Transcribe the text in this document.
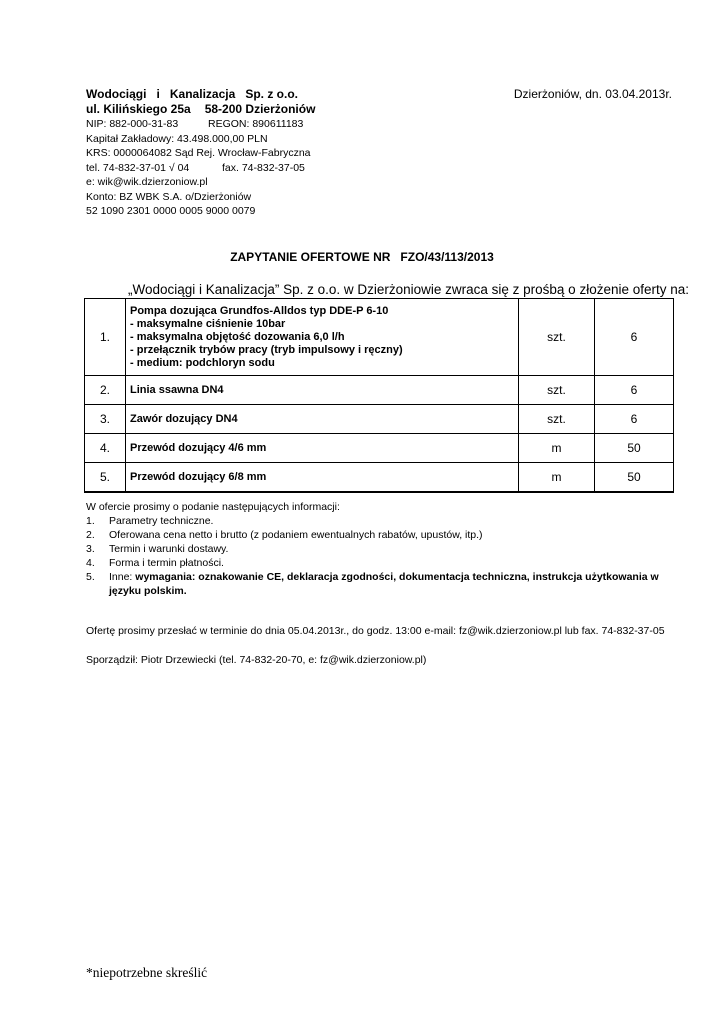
Wodociągi i Kanalizacja Sp. z o.o.
ul. Kilińskiego 25a 58-200 Dzierżoniów
NIP: 882-000-31-83	REGON: 890611183
Kapitał Zakładowy: 43.498.000,00 PLN
KRS: 0000064082 Sąd Rej. Wrocław-Fabryczna
tel. 74-832-37-01 √ 04	fax. 74-832-37-05
e: wik@wik.dzierzoniow.pl
Konto: BZ WBK S.A. o/Dzierżoniów
52 1090 2301 0000 0005 9000 0079
Dzierżoniów, dn. 03.04.2013r.
ZAPYTANIE OFERTOWE NR   FZO/43/113/2013
„Wodociągi i Kanalizacja” Sp. z o.o. w Dzierżoniowie zwraca się z prośbą o złożenie oferty na:
1.	Pompa dozująca Grundfos-Alldos typ DDE-P 6-10
- maksymalne ciśnienie 10bar
- maksymalna objętość dozowania 6,0 l/h
- przełącznik trybów pracy (tryb impulsowy i ręczny)
- medium: podchloryn sodu	szt.	6
2.	Linia ssawna DN4	szt.	6
3.	Zawór dozujący DN4	szt.	6
4.	Przewód dozujący 4/6 mm	m	50
5.	Przewód dozujący 6/8 mm	m	50
W ofercie prosimy o podanie następujących informacji:
1.	Parametry techniczne.
2.	Oferowana cena netto i brutto (z podaniem ewentualnych rabatów, upustów, itp.)
3.	Termin i warunki dostawy.
4.	Forma i termin płatności.
5.	Inne: wymagania: oznakowanie CE, deklaracja zgodności, dokumentacja techniczna, instrukcja użytkowania w języku polskim.
Ofertę prosimy przesłać w terminie do dnia 05.04.2013r., do godz. 13:00 e-mail: fz@wik.dzierzoniow.pl lub fax. 74-832-37-05
Sporządził: Piotr Drzewiecki (tel. 74-832-20-70, e: fz@wik.dzierzoniow.pl)
*niepotrzebne skreślić
